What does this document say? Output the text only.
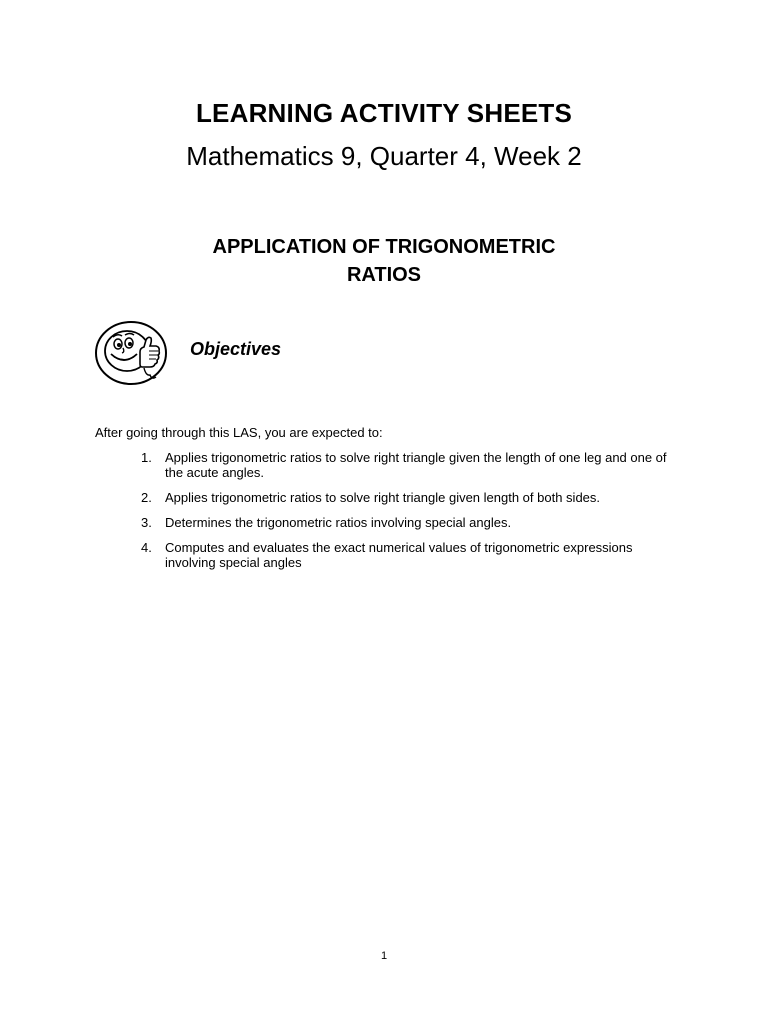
LEARNING ACTIVITY SHEETS
Mathematics 9, Quarter 4, Week 2
APPLICATION OF TRIGONOMETRIC
RATIOS
Objectives
After going through this LAS, you are expected to:
1. Applies trigonometric ratios to solve right triangle given the length of one leg and one of the acute angles.
2. Applies trigonometric ratios to solve right triangle given length of both sides.
3. Determines the trigonometric ratios involving special angles.
4. Computes and evaluates the exact numerical values of trigonometric expressions involving special angles
1
